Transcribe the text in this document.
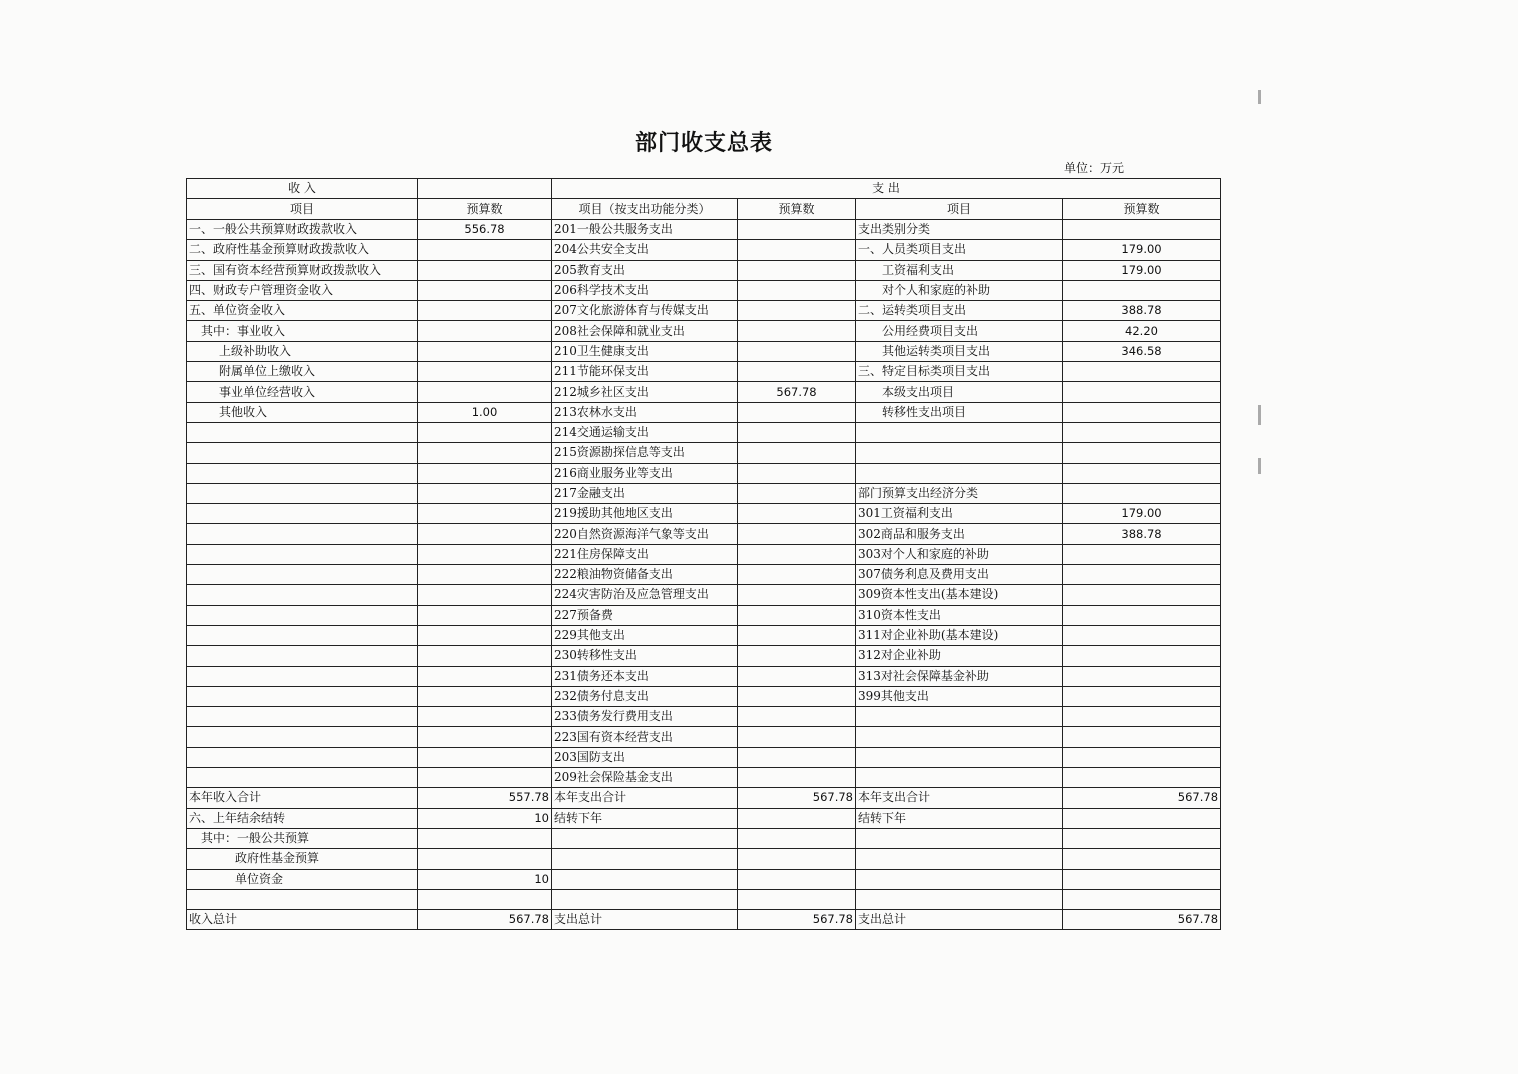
部门收支总表
单位：万元
收 入		支 出			
项目	预算数	项目（按支出功能分类）	预算数	项目	预算数
一、一般公共预算财政拨款收入	556.78	201一般公共服务支出		支出类别分类	
二、政府性基金预算财政拨款收入		204公共安全支出		一、人员类项目支出	179.00
三、国有资本经营预算财政拨款收入		205教育支出		工资福利支出	179.00
四、财政专户管理资金收入		206科学技术支出		对个人和家庭的补助	
五、单位资金收入		207文化旅游体育与传媒支出		二、运转类项目支出	388.78
其中：事业收入		208社会保障和就业支出		公用经费项目支出	42.20
上级补助收入		210卫生健康支出		其他运转类项目支出	346.58
附属单位上缴收入		211节能环保支出		三、特定目标类项目支出	
事业单位经营收入		212城乡社区支出	567.78	本级支出项目	
其他收入	1.00	213农林水支出		转移性支出项目	
		214交通运输支出			
		215资源勘探信息等支出			
		216商业服务业等支出			
		217金融支出		部门预算支出经济分类	
		219援助其他地区支出		301工资福利支出	179.00
		220自然资源海洋气象等支出		302商品和服务支出	388.78
		221住房保障支出		303对个人和家庭的补助	
		222粮油物资储备支出		307债务利息及费用支出	
		224灾害防治及应急管理支出		309资本性支出(基本建设)	
		227预备费		310资本性支出	
		229其他支出		311对企业补助(基本建设)	
		230转移性支出		312对企业补助	
		231债务还本支出		313对社会保障基金补助	
		232债务付息支出		399其他支出	
		233债务发行费用支出			
		223国有资本经营支出			
		203国防支出			
		209社会保险基金支出			
本年收入合计	557.78	本年支出合计	567.78	本年支出合计	567.78
六、上年结余结转	10	结转下年		结转下年	
其中：一般公共预算					
政府性基金预算					
单位资金	10				

收入总计	567.78	支出总计	567.78	支出总计	567.78
